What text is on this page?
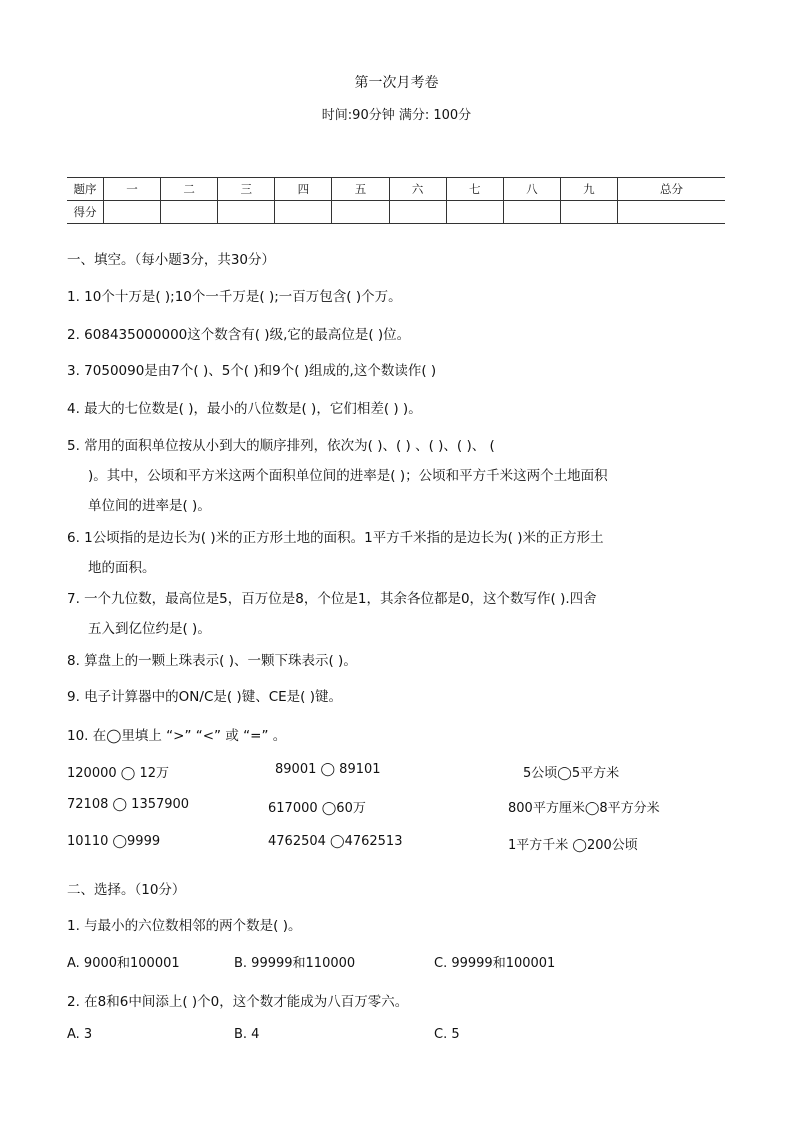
第一次月考卷
时间:90分钟 满分: 100分
题序	一	二	三	四	五	六	七	八	九	总分
得分										
一、填空。（每小题3分，共30分）
1. 10个十万是( );10个一千万是( );一百万包含( )个万。
2. 608435000000这个数含有( )级,它的最高位是( )位。
3. 7050090是由7个( )、5个( )和9个( )组成的,这个数读作( )
4. 最大的七位数是( )，最小的八位数是( )，它们相差( ) )。
5. 常用的面积单位按从小到大的顺序排列，依次为( )、( ) 、( )、( )、 (
)。其中，公顷和平方米这两个面积单位间的进率是( )；公顷和平方千米这两个土地面积
单位间的进率是( )。
6. 1公顷指的是边长为( )米的正方形土地的面积。1平方千米指的是边长为( )米的正方形土
地的面积。
7. 一个九位数，最高位是5，百万位是8，个位是1，其余各位都是0，这个数写作( ).四舍
五入到亿位约是( )。
8. 算盘上的一颗上珠表示( )、一颗下珠表示( )。
9. 电子计算器中的ON/C是( )键、CE是( )键。
10. 在◯里填上 “>” “<” 或 “=” 。
120000 ◯ 12万	89001 ◯ 89101	5公顷◯5平方米
72108 ◯ 1357900	617000 ◯60万	800平方厘米◯8平方分米
10110 ◯9999	4762504 ◯4762513	1平方千米 ◯200公顷
二、选择。（10分）
1. 与最小的六位数相邻的两个数是( )。
A. 9000和100001	B. 99999和110000	C. 99999和100001
2. 在8和6中间添上( )个0，这个数才能成为八百万零六。
A. 3	B. 4	C. 5
